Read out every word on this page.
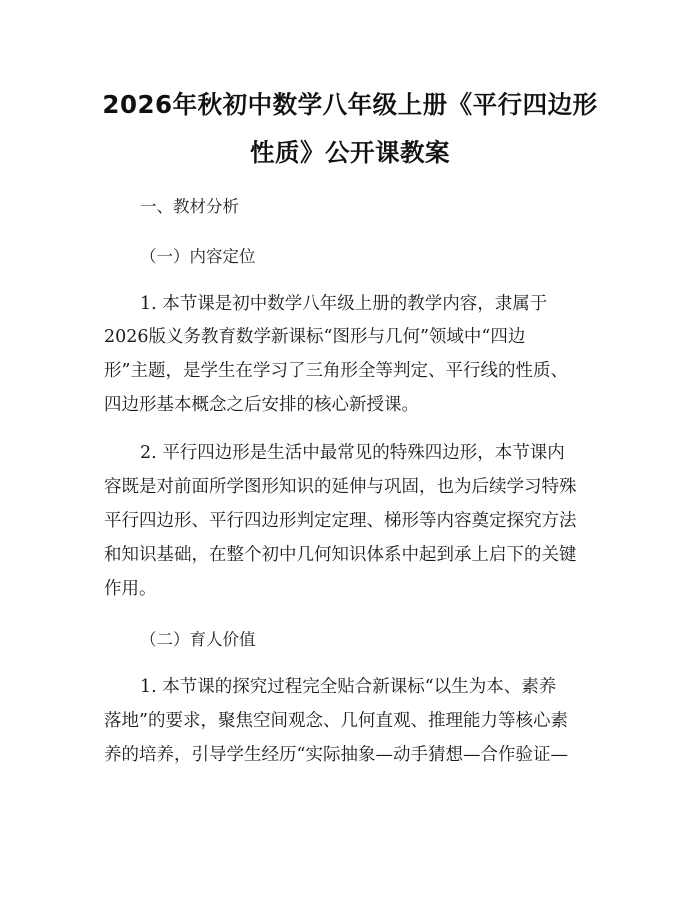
2026年秋初中数学八年级上册《平行四边形
性质》公开课教案
一、教材分析
（一）内容定位
1. 本节课是初中数学八年级上册的教学内容，隶属于
2026版义务教育数学新课标“图形与几何”领域中“四边
形”主题，是学生在学习了三角形全等判定、平行线的性质、
四边形基本概念之后安排的核心新授课。
2. 平行四边形是生活中最常见的特殊四边形，本节课内
容既是对前面所学图形知识的延伸与巩固，也为后续学习特殊
平行四边形、平行四边形判定定理、梯形等内容奠定探究方法
和知识基础，在整个初中几何知识体系中起到承上启下的关键
作用。
（二）育人价值
1. 本节课的探究过程完全贴合新课标“以生为本、素养
落地”的要求，聚焦空间观念、几何直观、推理能力等核心素
养的培养，引导学生经历“实际抽象—动手猜想—合作验证—
